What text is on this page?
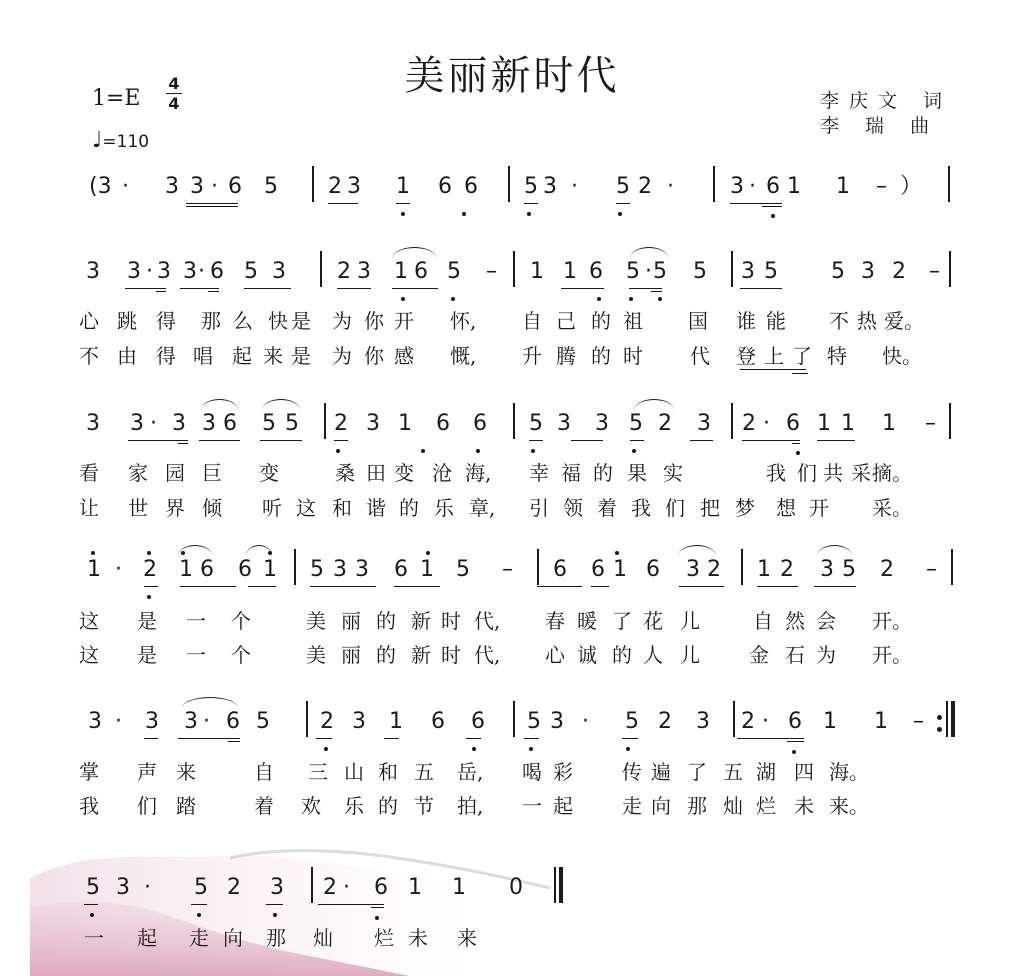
美丽新时代
1=E
4
4
♩=110
李庆文 词
李 瑞 曲
(3 · 3 3 · 6 5 2 3 1 6 6 5 3 · 5 2 ·	3 · 6 1 1 – ）
3 3 · 3 3 · 6 5 3 2 3 1 6 5 – 1 1 6 5 · 5 5 3 5 5 3 2 –
3 3 · 3 3 6 5 5 2 3 1 6 6 5 3 3 5 2 3 2 · 6 1 1 1 –
1 · 2 1 6 6 1 5 3 3 6 1 5 – 6 6 1 6 3 2 1 2 3 5 2 –
3 · 3 3 · 6 5 2 3 1 6 6 5 3 · 5 2 3 2 · 6 1 1 –
5 3 · 5 2 3 2 · 6 1 1 0
心 跳 得 那 么 快 是 为 你 开 怀, 自 己 的 祖 国 谁 能 不 热 爱。
不 由 得 唱 起 来 是 为 你 感 慨, 升 腾 的 时 代 登 上 了 特 快。
看 家 园 巨 变	桑 田 变 沧 海, 幸 福 的 果 实	我 们 共 采 摘。
让 世 界 倾 听 这 和 谐 的 乐 章, 引 领 着 我 们 把 梦 想 开 采。
这 是 一 个	美 丽 的 新 时 代, 春 暖 了 花 儿	自 然 会 开。
这 是 一 个	美 丽 的 新 时 代, 心 诚 的 人 儿 金 石 为 开。
掌 声 来	自 三 山 和 五 岳, 喝 彩 传 遍 了 五 湖 四 海。
我 们 踏	着 欢 乐 的 节 拍, 一 起 走 向 那 灿 烂 未 来。
一 起 走 向 那 灿 烂 未 来
